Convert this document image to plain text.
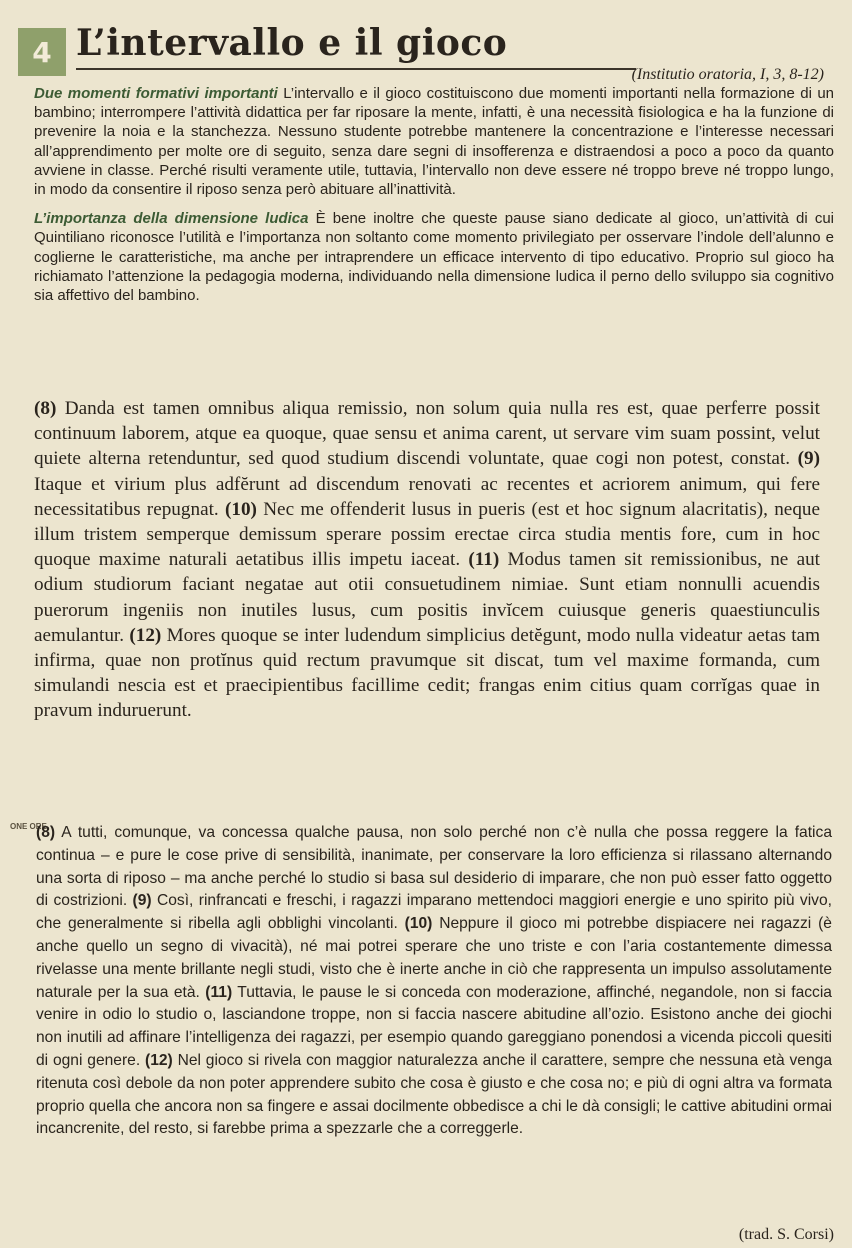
4 L’intervallo e il gioco
(Institutio oratoria, I, 3, 8-12)

Due momenti formativi importanti L’intervallo e il gioco costituiscono due momenti importanti nella formazione di un bambino; interrompere l’attività didattica per far riposare la mente, infatti, è una necessità fisiologica e ha la funzione di prevenire la noia e la stanchezza. Nessuno studente potrebbe mantenere la concentrazione e l’interesse necessari all’apprendimento per molte ore di seguito, senza dare segni di insofferenza e distraendosi a poco a poco da quanto avviene in classe. Perché risulti veramente utile, tuttavia, l’intervallo non deve essere né troppo breve né troppo lungo, in modo da consentire il riposo senza però abituare all’inattività.

L’importanza della dimensione ludica È bene inoltre che queste pause siano dedicate al gioco, un’attività di cui Quintiliano riconosce l’utilità e l’importanza non soltanto come momento privilegiato per osservare l’indole dell’alunno e coglierne le caratteristiche, ma anche per intraprendere un efficace intervento di tipo educativo. Proprio sul gioco ha richiamato l’attenzione la pedagogia moderna, individuando nella dimensione ludica il perno dello sviluppo sia cognitivo sia affettivo del bambino.

(8) Danda est tamen omnibus aliqua remissio, non solum quia nulla res est, quae perferre possit continuum laborem, atque ea quoque, quae sensu et anima carent, ut servare vim suam possint, velut quiete alterna retenduntur, sed quod studium discendi voluntate, quae cogi non potest, constat. (9) Itaque et virium plus adfĕrunt ad discendum renovati ac recentes et acriorem animum, qui fere necessitatibus repugnat. (10) Nec me offenderit lusus in pueris (est et hoc signum alacritatis), neque illum tristem semperque demissum sperare possim erectae circa studia mentis fore, cum in hoc quoque maxime naturali aetatibus illis impetu iaceat. (11) Modus tamen sit remissionibus, ne aut odium studiorum faciant negatae aut otii consuetudinem nimiae. Sunt etiam nonnulli acuendis puerorum ingeniis non inutiles lusus, cum positis invĭcem cuiusque generis quaestiunculis aemulantur. (12) Mores quoque se inter ludendum simplicius detĕgunt, modo nulla videatur aetas tam infirma, quae non protĭnus quid rectum pravumque sit discat, tum vel maxime formanda, cum simulandi nescia est et praecipientibus facillime cedit; frangas enim citius quam corrĭgas quae in pravum induruerunt.

ONE ORE

(8) A tutti, comunque, va concessa qualche pausa, non solo perché non c’è nulla che possa reggere la fatica continua – e pure le cose prive di sensibilità, inanimate, per conservare la loro efficienza si rilassano alternando una sorta di riposo – ma anche perché lo studio si basa sul desiderio di imparare, che non può esser fatto oggetto di costrizioni. (9) Così, rinfrancati e freschi, i ragazzi imparano mettendoci maggiori energie e uno spirito più vivo, che generalmente si ribella agli obblighi vincolanti. (10) Neppure il gioco mi potrebbe dispiacere nei ragazzi (è anche quello un segno di vivacità), né mai potrei sperare che uno triste e con l’aria costantemente dimessa rivelasse una mente brillante negli studi, visto che è inerte anche in ciò che rappresenta un impulso assolutamente naturale per la sua età. (11) Tuttavia, le pause le si conceda con moderazione, affinché, negandole, non si faccia venire in odio lo studio o, lasciandone troppe, non si faccia nascere abitudine all’ozio. Esistono anche dei giochi non inutili ad affinare l’intelligenza dei ragazzi, per esempio quando gareggiano ponendosi a vicenda piccoli quesiti di ogni genere. (12) Nel gioco si rivela con maggior naturalezza anche il carattere, sempre che nessuna età venga ritenuta così debole da non poter apprendere subito che cosa è giusto e che cosa no; e più di ogni altra va formata proprio quella che ancora non sa fingere e assai docilmente obbedisce a chi le dà consigli; le cattive abitudini ormai incancrenite, del resto, si farebbe prima a spezzarle che a correggerle.

(trad. S. Corsi)
